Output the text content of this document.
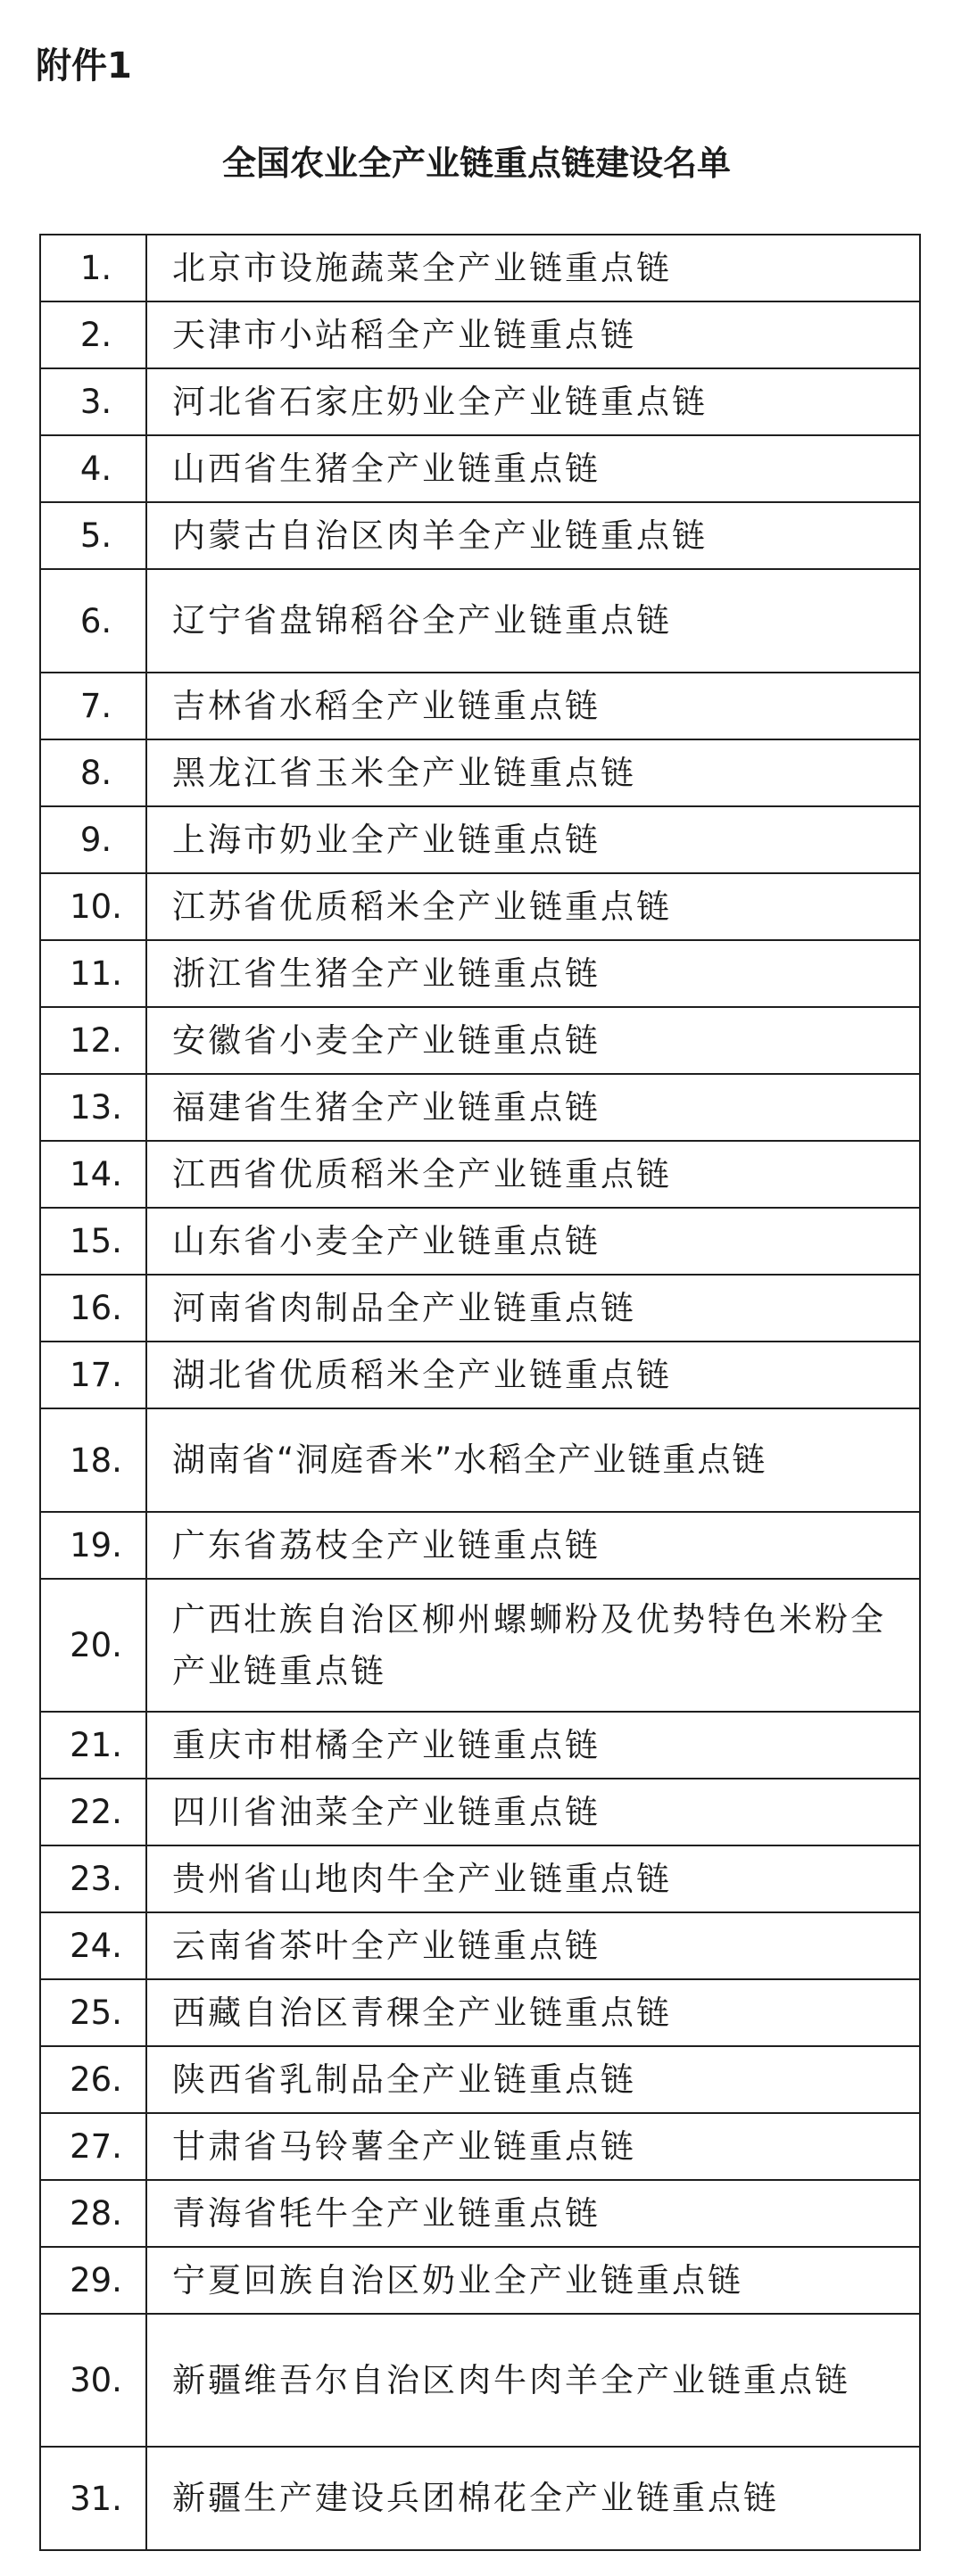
附件1
全国农业全产业链重点链建设名单
1.	北京市设施蔬菜全产业链重点链
2.	天津市小站稻全产业链重点链
3.	河北省石家庄奶业全产业链重点链
4.	山西省生猪全产业链重点链
5.	内蒙古自治区肉羊全产业链重点链
6.	辽宁省盘锦稻谷全产业链重点链
7.	吉林省水稻全产业链重点链
8.	黑龙江省玉米全产业链重点链
9.	上海市奶业全产业链重点链
10.	江苏省优质稻米全产业链重点链
11.	浙江省生猪全产业链重点链
12.	安徽省小麦全产业链重点链
13.	福建省生猪全产业链重点链
14.	江西省优质稻米全产业链重点链
15.	山东省小麦全产业链重点链
16.	河南省肉制品全产业链重点链
17.	湖北省优质稻米全产业链重点链
18.	湖南省“洞庭香米”水稻全产业链重点链
19.	广东省荔枝全产业链重点链
20.	广西壮族自治区柳州螺蛳粉及优势特色米粉全产业链重点链
21.	重庆市柑橘全产业链重点链
22.	四川省油菜全产业链重点链
23.	贵州省山地肉牛全产业链重点链
24.	云南省茶叶全产业链重点链
25.	西藏自治区青稞全产业链重点链
26.	陕西省乳制品全产业链重点链
27.	甘肃省马铃薯全产业链重点链
28.	青海省牦牛全产业链重点链
29.	宁夏回族自治区奶业全产业链重点链
30.	新疆维吾尔自治区肉牛肉羊全产业链重点链
31.	新疆生产建设兵团棉花全产业链重点链
